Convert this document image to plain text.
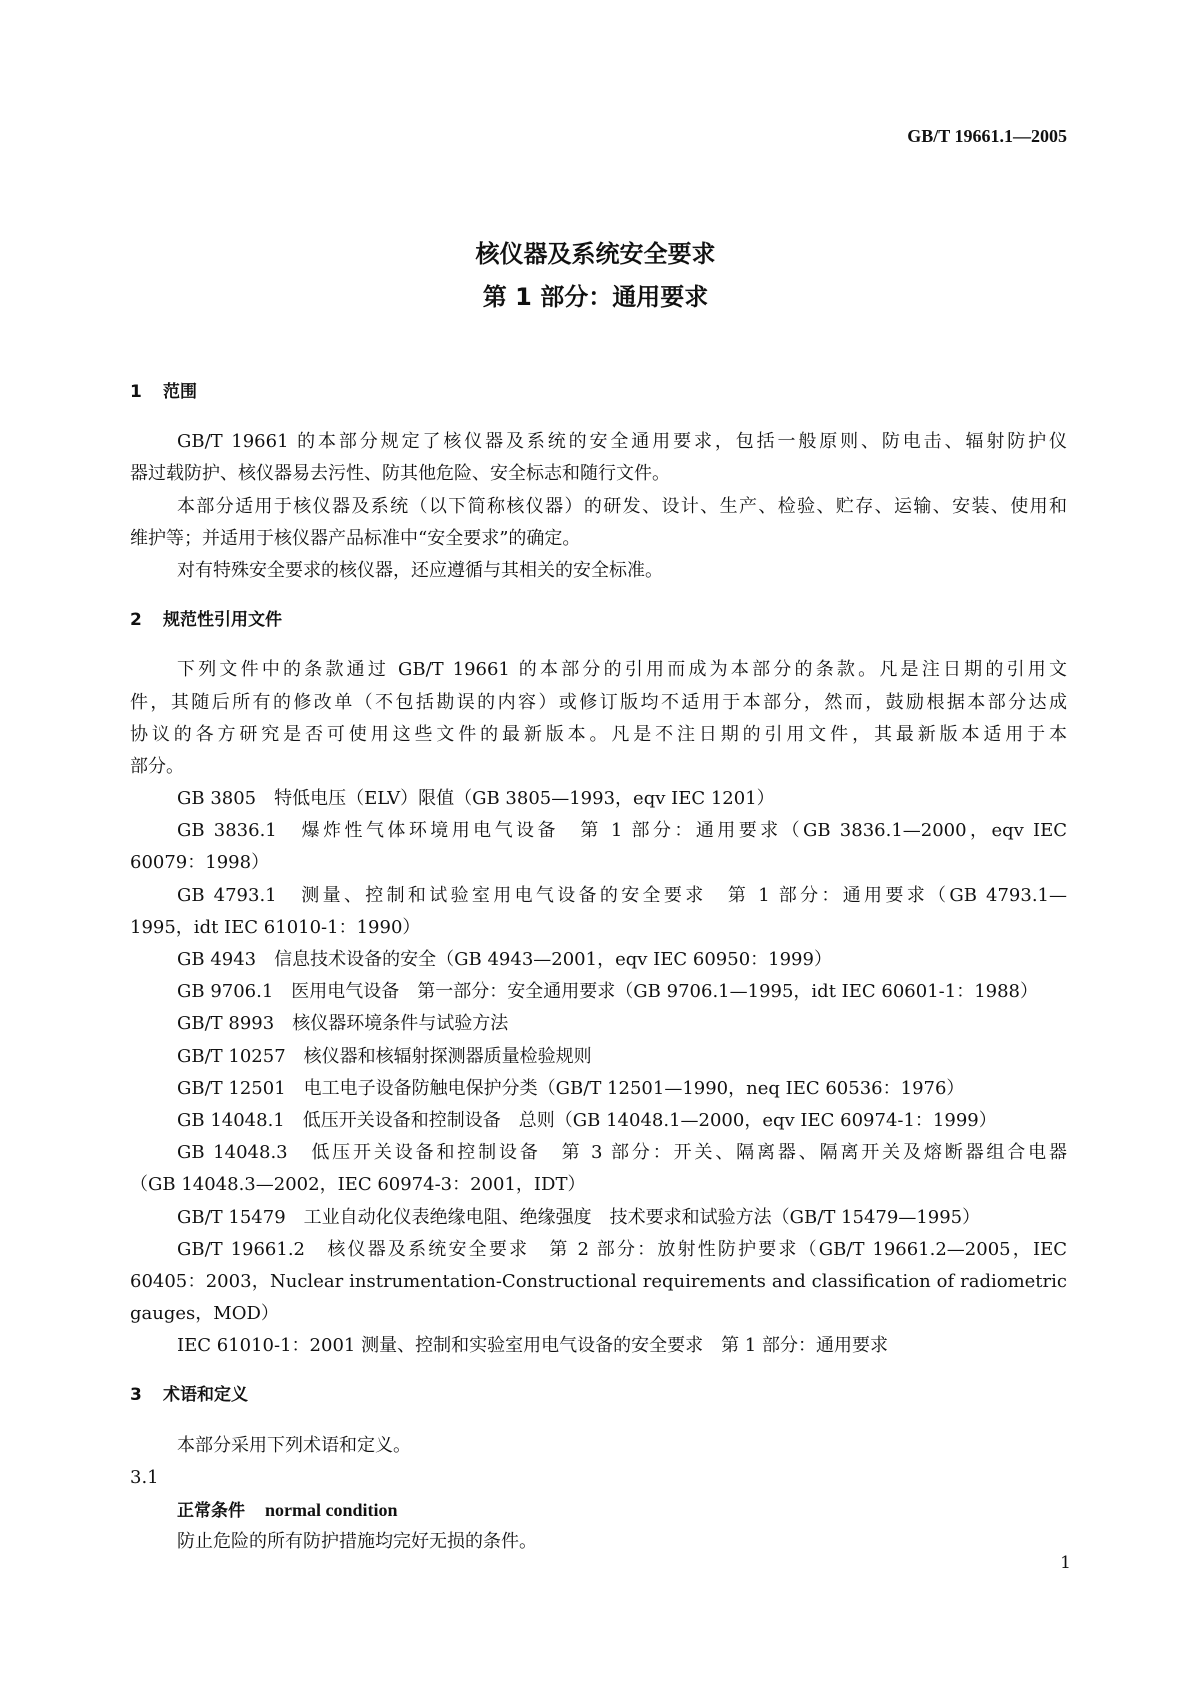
GB/T 19661.1—2005
核仪器及系统安全要求
第 1 部分：通用要求
1 范围
GB/T 19661 的本部分规定了核仪器及系统的安全通用要求，包括一般原则、防电击、辐射防护仪
器过载防护、核仪器易去污性、防其他危险、安全标志和随行文件。
本部分适用于核仪器及系统（以下简称核仪器）的研发、设计、生产、检验、贮存、运输、安装、使用和
维护等；并适用于核仪器产品标准中“安全要求”的确定。
对有特殊安全要求的核仪器，还应遵循与其相关的安全标准。
2 规范性引用文件
下列文件中的条款通过 GB/T 19661 的本部分的引用而成为本部分的条款。凡是注日期的引用文
件，其随后所有的修改单（不包括勘误的内容）或修订版均不适用于本部分，然而，鼓励根据本部分达成
协议的各方研究是否可使用这些文件的最新版本。凡是不注日期的引用文件，其最新版本适用于本
部分。
GB 3805　特低电压（ELV）限值（GB 3805—1993，eqv IEC 1201）
GB 3836.1　爆炸性气体环境用电气设备　第 1 部分：通用要求（GB 3836.1—2000，eqv IEC
60079：1998）
GB 4793.1　测量、控制和试验室用电气设备的安全要求　第 1 部分：通用要求（GB 4793.1—
1995，idt IEC 61010-1：1990）
GB 4943　信息技术设备的安全（GB 4943—2001，eqv IEC 60950：1999）
GB 9706.1　医用电气设备　第一部分：安全通用要求（GB 9706.1—1995，idt IEC 60601-1：1988）
GB/T 8993　核仪器环境条件与试验方法
GB/T 10257　核仪器和核辐射探测器质量检验规则
GB/T 12501　电工电子设备防触电保护分类（GB/T 12501—1990，neq IEC 60536：1976）
GB 14048.1　低压开关设备和控制设备　总则（GB 14048.1—2000，eqv IEC 60974-1：1999）
GB 14048.3　低压开关设备和控制设备　第 3 部分：开关、隔离器、隔离开关及熔断器组合电器
（GB 14048.3—2002，IEC 60974-3：2001，IDT）
GB/T 15479　工业自动化仪表绝缘电阻、绝缘强度　技术要求和试验方法（GB/T 15479—1995）
GB/T 19661.2　核仪器及系统安全要求　第 2 部分：放射性防护要求（GB/T 19661.2—2005，IEC
60405：2003，Nuclear instrumentation-Constructional requirements and classification of radiometric
gauges，MOD）
IEC 61010-1：2001 测量、控制和实验室用电气设备的安全要求　第 1 部分：通用要求
3 术语和定义
本部分采用下列术语和定义。
3.1
正常条件 normal condition
防止危险的所有防护措施均完好无损的条件。
1
